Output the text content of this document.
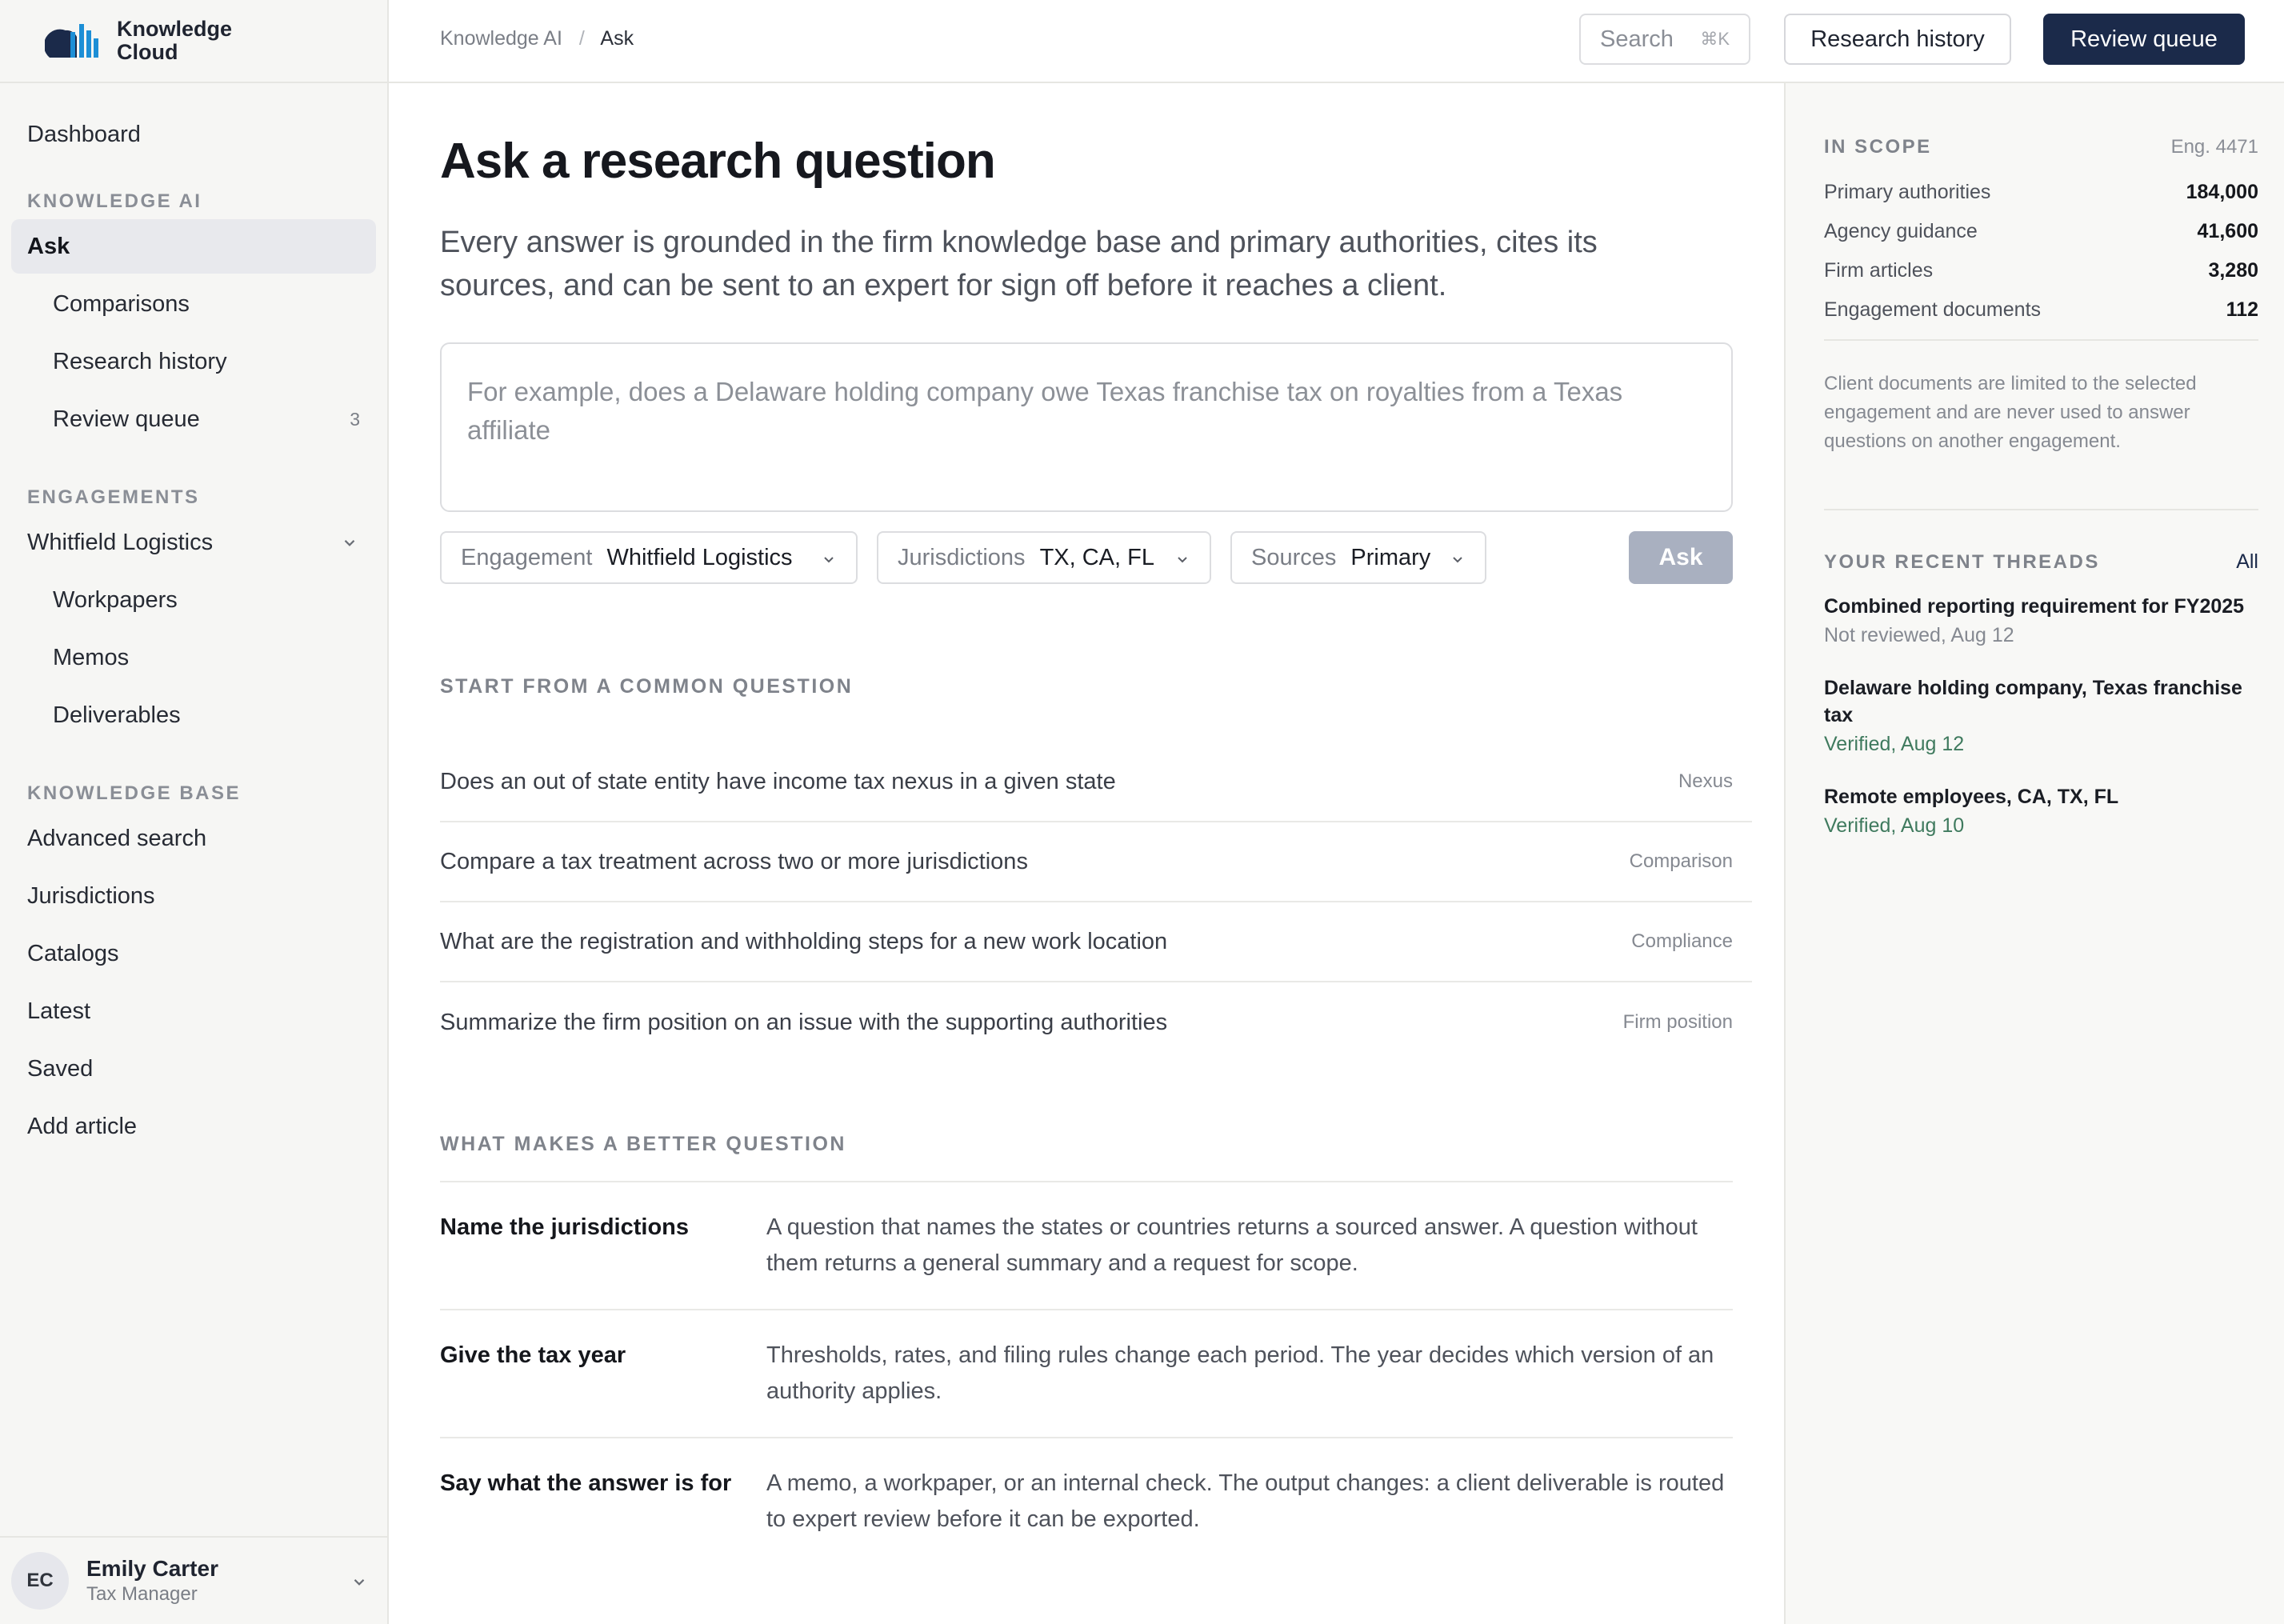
Knowledge
Cloud
Dashboard
KNOWLEDGE AI
Ask
Comparisons
Research history
Review queue	3
ENGAGEMENTS
Whitfield Logistics
Workpapers
Memos
Deliverables
KNOWLEDGE BASE
Advanced search
Jurisdictions
Catalogs
Latest
Saved
Add article
EC	Emily Carter
Tax Manager
Knowledge AI / Ask	Search ⌘K	Research history	Review queue
Ask a research question

Every answer is grounded in the firm knowledge base and primary authorities, cites its sources, and can be sent to an expert for sign off before it reaches a client.

For example, does a Delaware holding company owe Texas franchise tax on royalties from a Texas affiliate
Engagement Whitfield Logistics	Jurisdictions TX, CA, FL	Sources Primary	Ask
START FROM A COMMON QUESTION
Does an out of state entity have income tax nexus in a given state	Nexus
Compare a tax treatment across two or more jurisdictions	Comparison
What are the registration and withholding steps for a new work location	Compliance
Summarize the firm position on an issue with the supporting authorities	Firm position
WHAT MAKES A BETTER QUESTION
Name the jurisdictions	A question that names the states or countries returns a sourced answer. A question without them returns a general summary and a request for scope.
Give the tax year	Thresholds, rates, and filing rules change each period. The year decides which version of an authority applies.
Say what the answer is for	A memo, a workpaper, or an internal check. The output changes: a client deliverable is routed to expert review before it can be exported.
IN SCOPE	Eng. 4471
Primary authorities	184,000
Agency guidance	41,600
Firm articles	3,280
Engagement documents	112
Client documents are limited to the selected engagement and are never used to answer questions on another engagement.
YOUR RECENT THREADS	All
Combined reporting requirement for FY2025
Not reviewed, Aug 12
Delaware holding company, Texas franchise tax
Verified, Aug 12
Remote employees, CA, TX, FL
Verified, Aug 10
